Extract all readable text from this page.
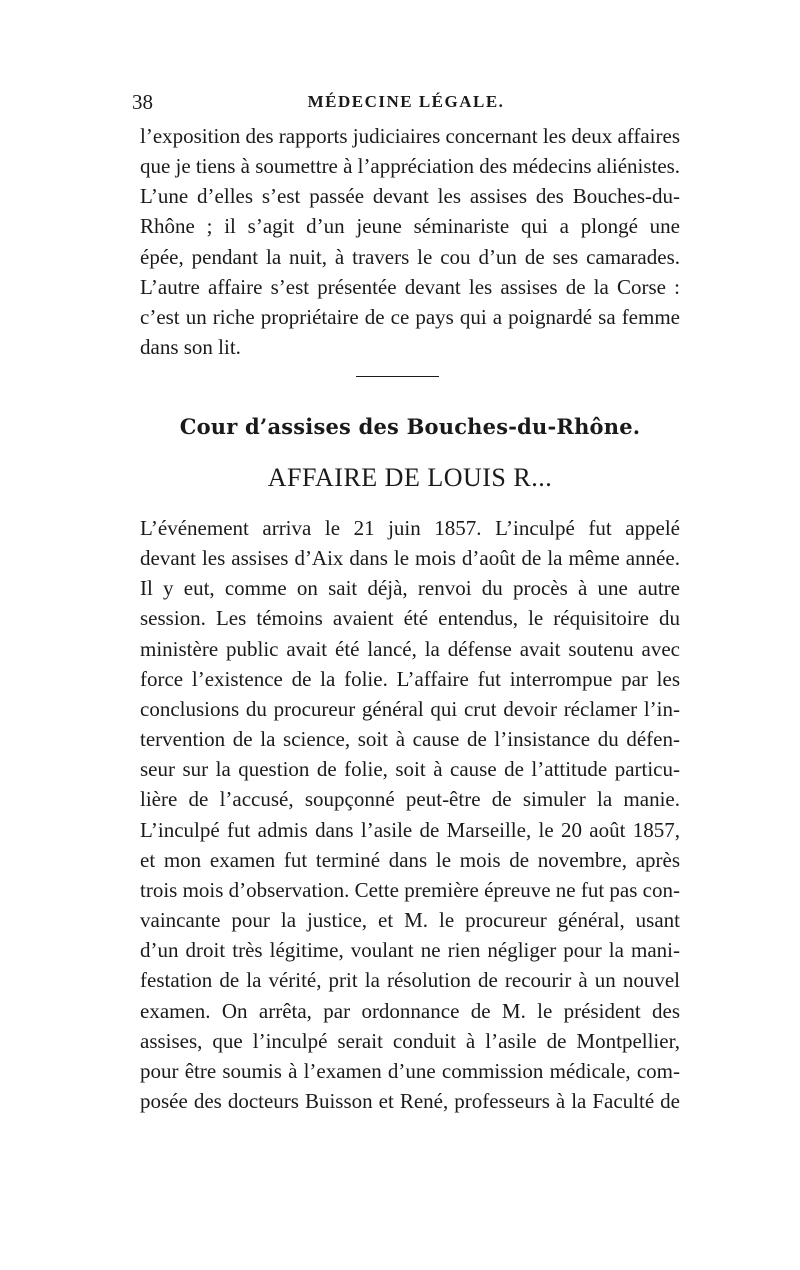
38	MÉDECINE LÉGALE.

l’exposition des rapports judiciaires concernant les deux affaires
que je tiens à soumettre à l’appréciation des médecins aliénistes.
L’une d’elles s’est passée devant les assises des Bouches-du-
Rhône ; il s’agit d’un jeune séminariste qui a plongé une
épée, pendant la nuit, à travers le cou d’un de ses camarades.
L’autre affaire s’est présentée devant les assises de la Corse :
c’est un riche propriétaire de ce pays qui a poignardé sa femme
dans son lit.

Cour d’assises des Bouches-du-Rhône.
AFFAIRE DE LOUIS R...

L’événement arriva le 21 juin 1857. L’inculpé fut appelé
devant les assises d’Aix dans le mois d’août de la même année.
Il y eut, comme on sait déjà, renvoi du procès à une autre
session. Les témoins avaient été entendus, le réquisitoire du
ministère public avait été lancé, la défense avait soutenu avec
force l’existence de la folie. L’affaire fut interrompue par les
conclusions du procureur général qui crut devoir réclamer l’in-
tervention de la science, soit à cause de l’insistance du défen-
seur sur la question de folie, soit à cause de l’attitude particu-
lière de l’accusé, soupçonné peut-être de simuler la manie.
L’inculpé fut admis dans l’asile de Marseille, le 20 août 1857,
et mon examen fut terminé dans le mois de novembre, après
trois mois d’observation. Cette première épreuve ne fut pas con-
vaincante pour la justice, et M. le procureur général, usant
d’un droit très légitime, voulant ne rien négliger pour la mani-
festation de la vérité, prit la résolution de recourir à un nouvel
examen. On arrêta, par ordonnance de M. le président des
assises, que l’inculpé serait conduit à l’asile de Montpellier,
pour être soumis à l’examen d’une commission médicale, com-
posée des docteurs Buisson et René, professeurs à la Faculté de
